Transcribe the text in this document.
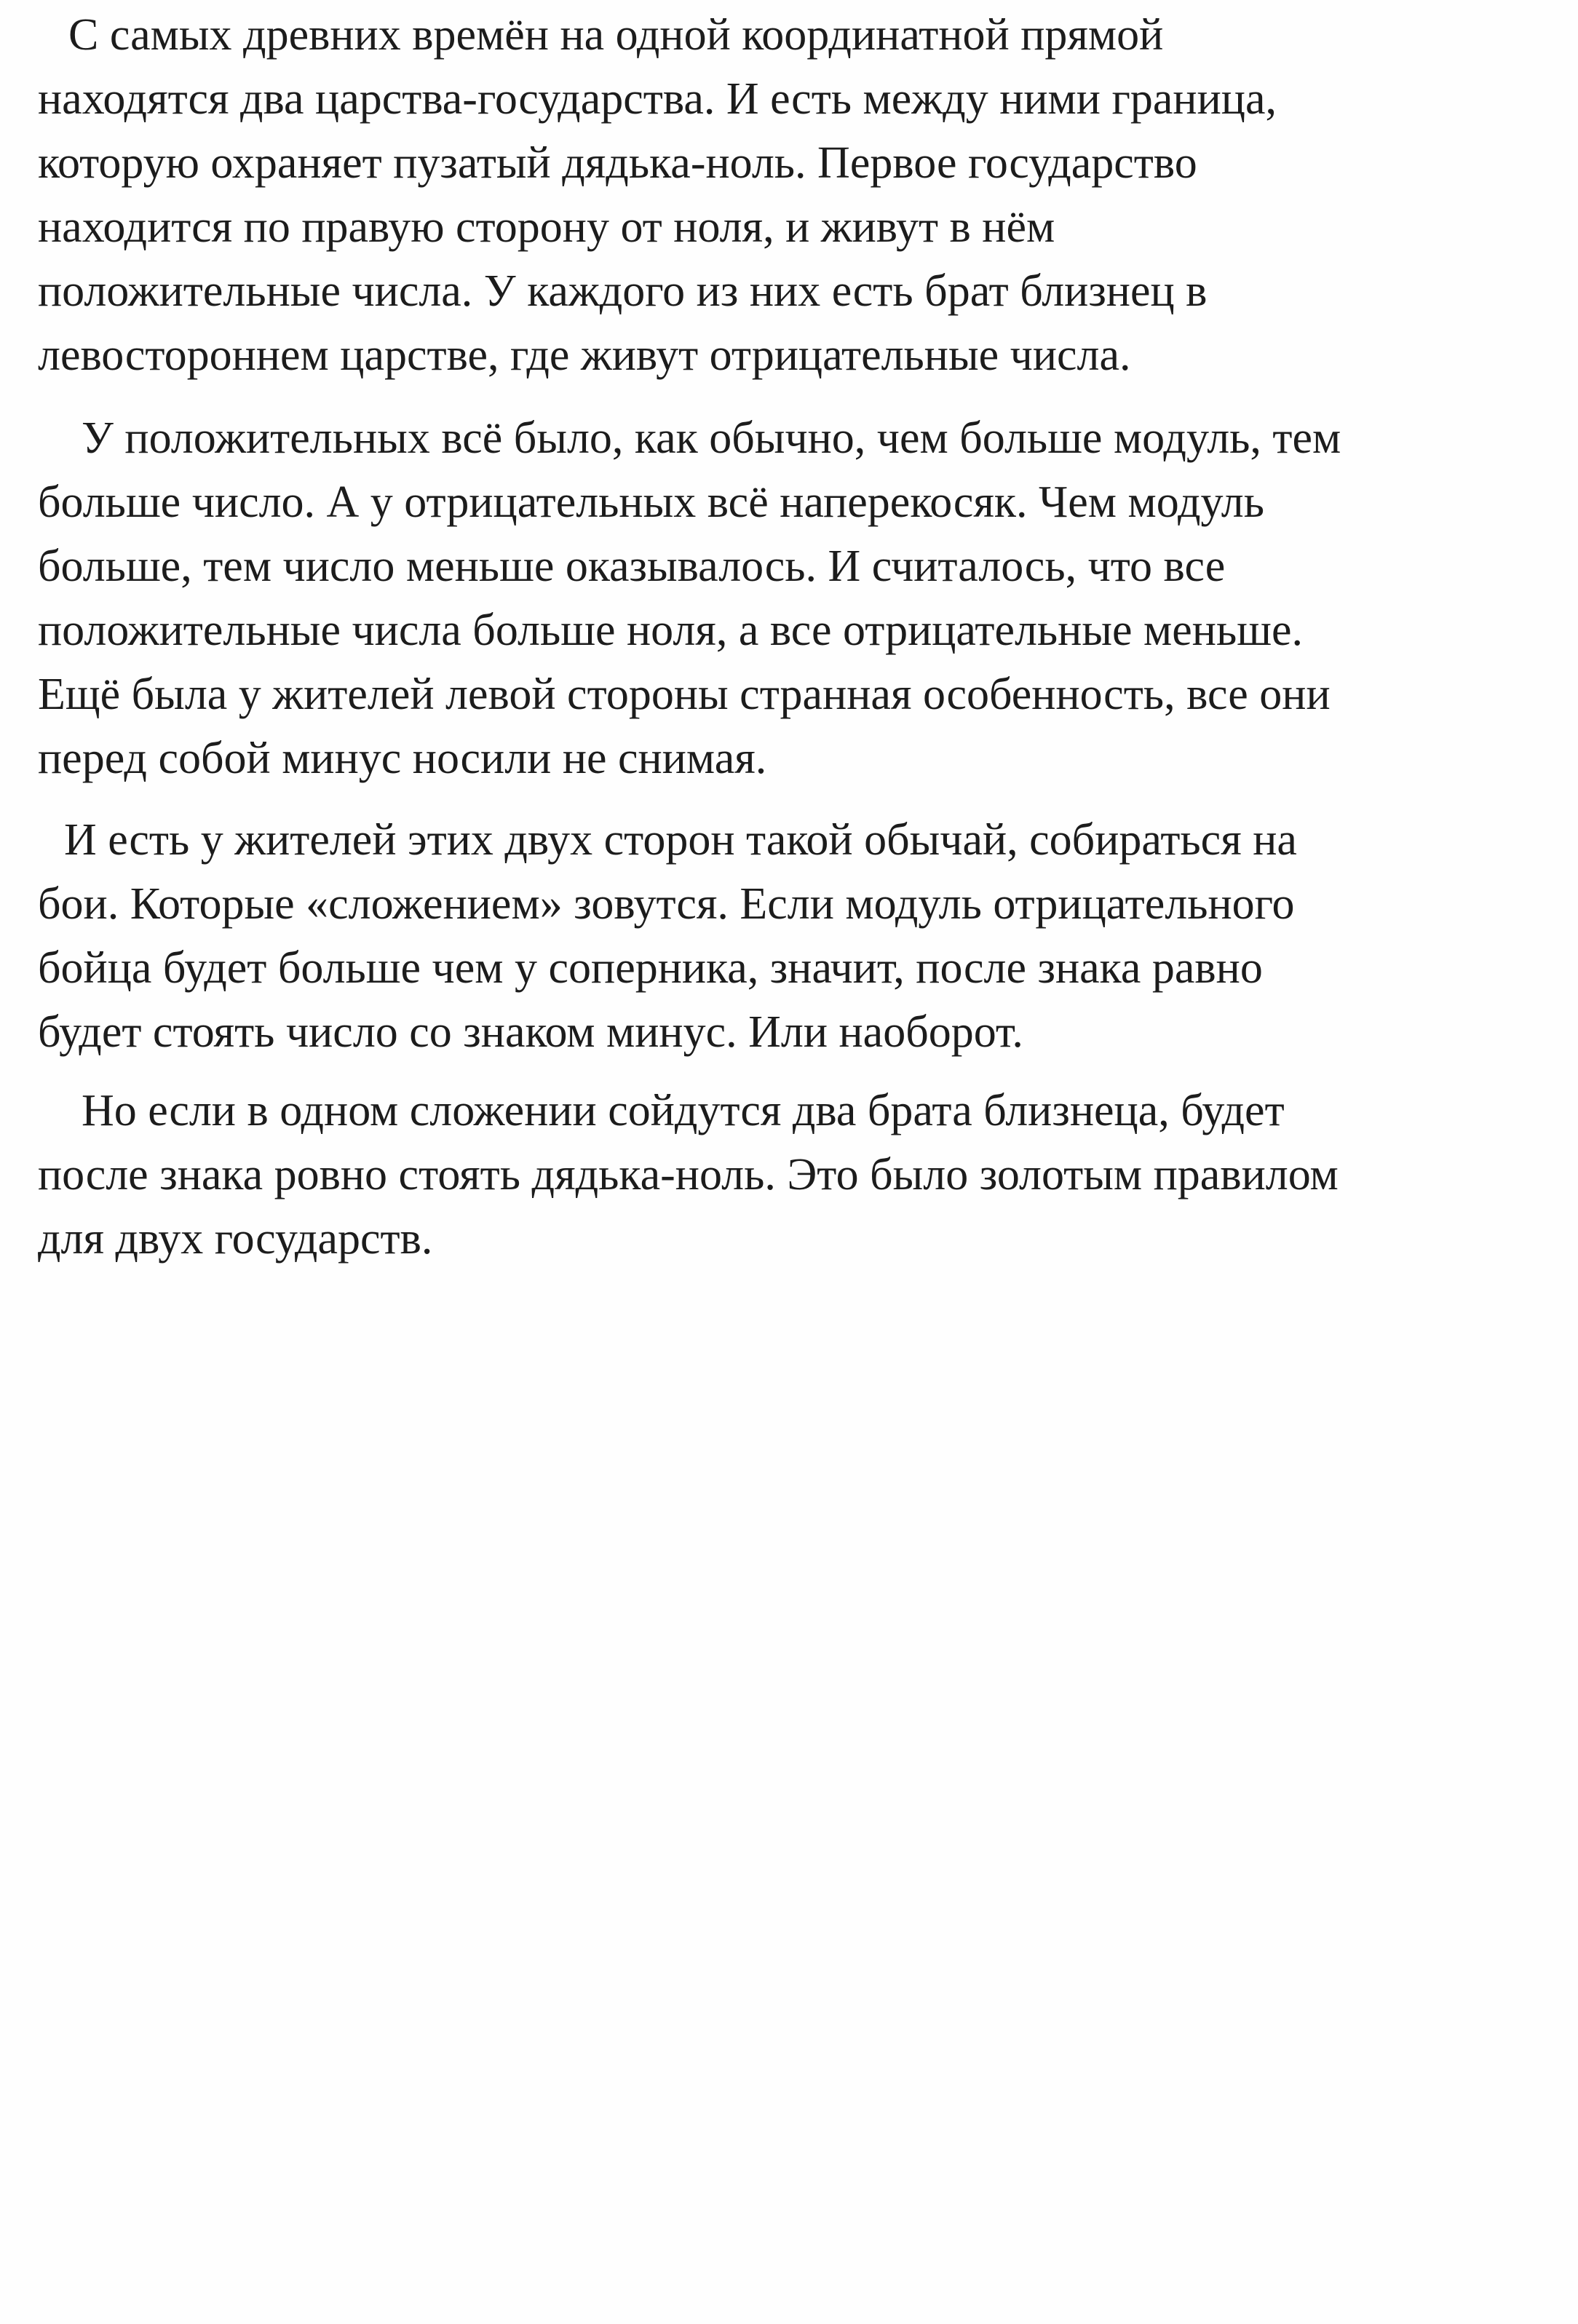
С самых древних времён на одной координатной прямой
находятся два царства-государства. И есть между ними граница,
которую охраняет пузатый дядька-ноль. Первое государство
находится по правую сторону от ноля, и живут в нём
положительные числа. У каждого из них есть брат близнец в
левостороннем царстве, где живут отрицательные числа.

У положительных всё было, как обычно, чем больше модуль, тем
больше число. А у отрицательных всё наперекосяк. Чем модуль
больше, тем число меньше оказывалось. И считалось, что все
положительные числа больше ноля, а все отрицательные меньше.
Ещё была у жителей левой стороны странная особенность, все они
перед собой минус носили не снимая.

И есть у жителей этих двух сторон такой обычай, собираться на
бои. Которые «сложением» зовутся. Если модуль отрицательного
бойца будет больше чем у соперника, значит, после знака равно
будет стоять число со знаком минус. Или наоборот.

Но если в одном сложении сойдутся два брата близнеца, будет
после знака ровно стоять дядька-ноль. Это было золотым правилом
для двух государств.
